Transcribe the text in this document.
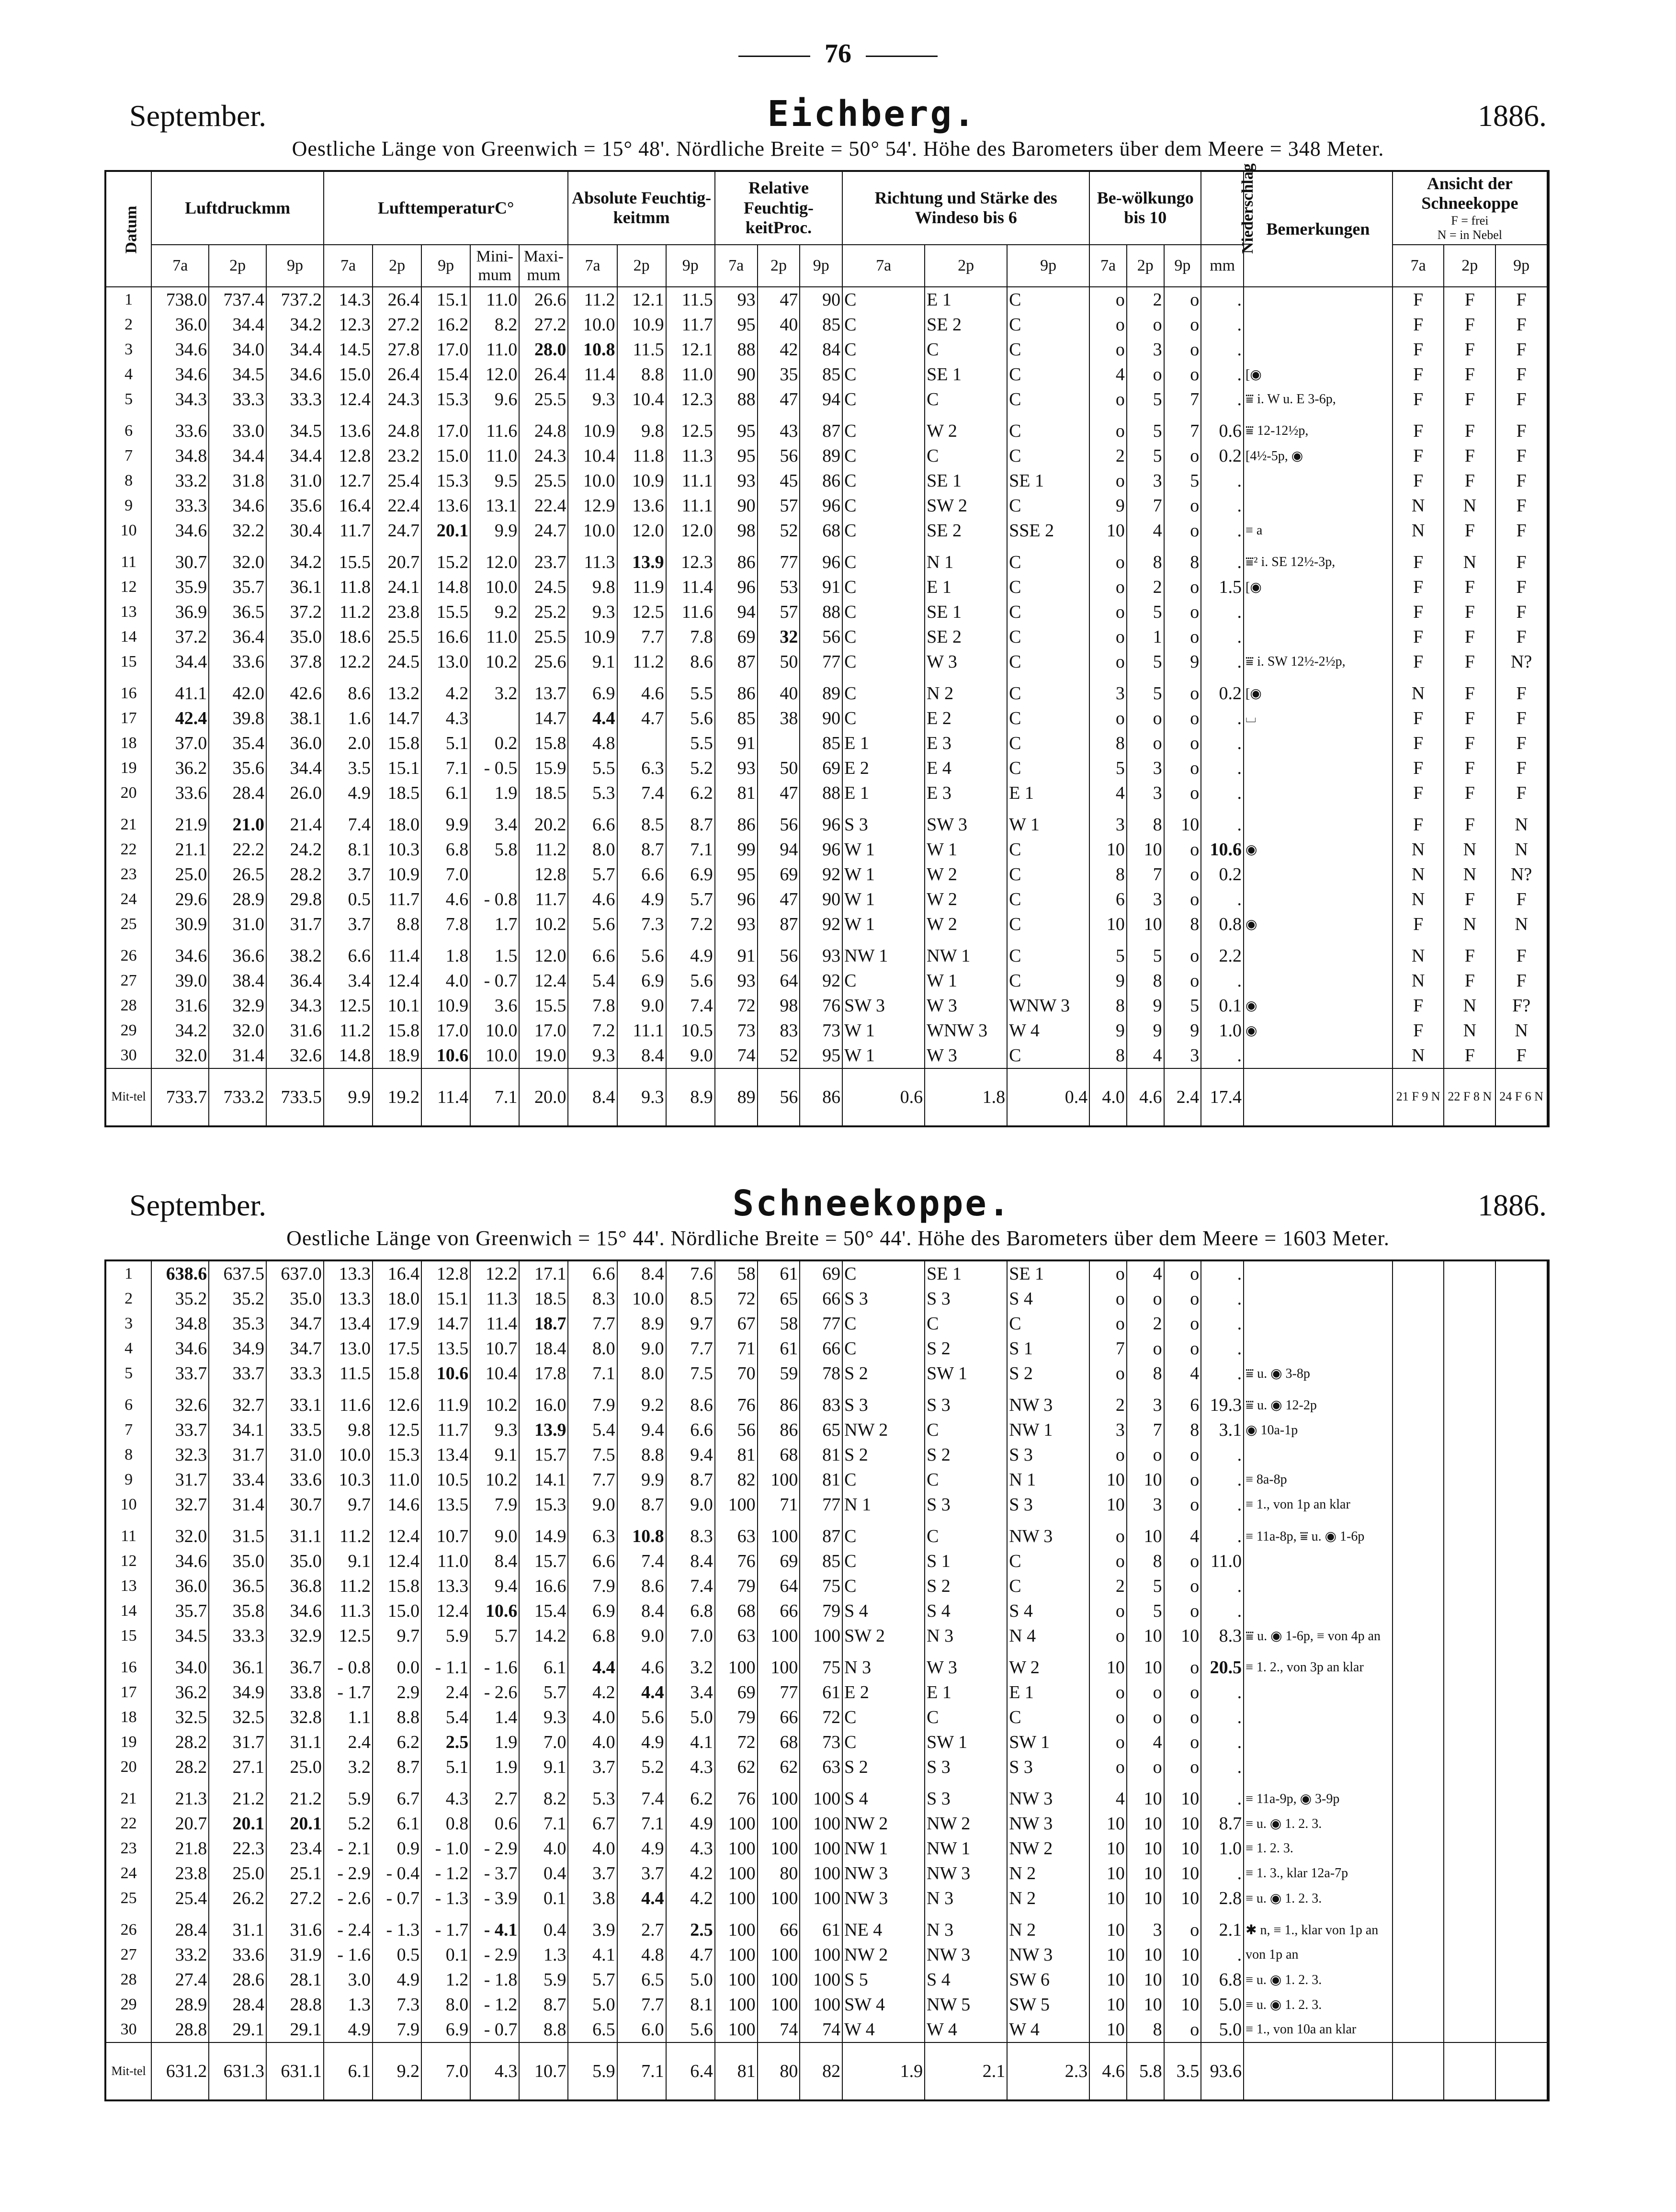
76
September.	Eichberg.	1886.
Oestliche Länge von Greenwich = 15° 48'. Nördliche Breite = 50° 54'. Höhe des Barometers über dem Meere = 348 Meter.
Datum	Luftdruckmm			LufttemperaturC°					Absolute Feuchtig-keitmm			Relative Feuchtig-keitProc.			Richtung und Stärke des Windeso bis 6			Be-wölkungo bis 10			Niederschlag	Bemerkungen	Ansicht der Schneekoppe
F = frei
N = in Nebel		

	7a	2p	9p	7a	2p	9p	Mini-mum	Maxi-mum	7a	2p	9p	7a	2p	9p	7a	2p	9p	7a	2p	9p	mm		7a	2p	9p
1	738.0	737.4	737.2	14.3	26.4	15.1	11.0	26.6	11.2	12.1	11.5	93	47	90	C	E 1	C	o	2	o	.		F	F	F
2	36.0	34.4	34.2	12.3	27.2	16.2	8.2	27.2	10.0	10.9	11.7	95	40	85	C	SE 2	C	o	o	o	.		F	F	F
3	34.6	34.0	34.4	14.5	27.8	17.0	11.0	28.0	10.8	11.5	12.1	88	42	84	C	C	C	o	3	o	.		F	F	F
4	34.6	34.5	34.6	15.0	26.4	15.4	12.0	26.4	11.4	8.8	11.0	90	35	85	C	SE 1	C	4	o	o	.	[◉	F	F	F
5	34.3	33.3	33.3	12.4	24.3	15.3	9.6	25.5	9.3	10.4	12.3	88	47	94	C	C	C	o	5	7	.	⩸ i. W u. E 3-6p,	F	F	F

6	33.6	33.0	34.5	13.6	24.8	17.0	11.6	24.8	10.9	9.8	12.5	95	43	87	C	W 2	C	o	5	7	0.6	⩸ 12-12½p,	F	F	F
7	34.8	34.4	34.4	12.8	23.2	15.0	11.0	24.3	10.4	11.8	11.3	95	56	89	C	C	C	2	5	o	0.2	[4½-5p, ◉	F	F	F
8	33.2	31.8	31.0	12.7	25.4	15.3	9.5	25.5	10.0	10.9	11.1	93	45	86	C	SE 1	SE 1	o	3	5	.		F	F	F
9	33.3	34.6	35.6	16.4	22.4	13.6	13.1	22.4	12.9	13.6	11.1	90	57	96	C	SW 2	C	9	7	o	.		N	N	F
10	34.6	32.2	30.4	11.7	24.7	20.1	9.9	24.7	10.0	12.0	12.0	98	52	68	C	SE 2	SSE 2	10	4	o	.	≡ a	N	F	F

11	30.7	32.0	34.2	15.5	20.7	15.2	12.0	23.7	11.3	13.9	12.3	86	77	96	C	N 1	C	o	8	8	.	⩸² i. SE 12½-3p,	F	N	F
12	35.9	35.7	36.1	11.8	24.1	14.8	10.0	24.5	9.8	11.9	11.4	96	53	91	C	E 1	C	o	2	o	1.5	[◉	F	F	F
13	36.9	36.5	37.2	11.2	23.8	15.5	9.2	25.2	9.3	12.5	11.6	94	57	88	C	SE 1	C	o	5	o	.		F	F	F
14	37.2	36.4	35.0	18.6	25.5	16.6	11.0	25.5	10.9	7.7	7.8	69	32	56	C	SE 2	C	o	1	o	.		F	F	F
15	34.4	33.6	37.8	12.2	24.5	13.0	10.2	25.6	9.1	11.2	8.6	87	50	77	C	W 3	C	o	5	9	.	⩸ i. SW 12½-2½p,	F	F	N?

16	41.1	42.0	42.6	8.6	13.2	4.2	3.2	13.7	6.9	4.6	5.5	86	40	89	C	N 2	C	3	5	o	0.2	[◉	N	F	F
17	42.4	39.8	38.1	1.6	14.7	4.3		14.7	4.4	4.7	5.6	85	38	90	C	E 2	C	o	o	o	.	⌴	F	F	F
18	37.0	35.4	36.0	2.0	15.8	5.1	0.2	15.8	4.8		5.5	91		85	E 1	E 3	C	8	o	o	.		F	F	F
19	36.2	35.6	34.4	3.5	15.1	7.1	- 0.5	15.9	5.5	6.3	5.2	93	50	69	E 2	E 4	C	5	3	o	.		F	F	F
20	33.6	28.4	26.0	4.9	18.5	6.1	1.9	18.5	5.3	7.4	6.2	81	47	88	E 1	E 3	E 1	4	3	o	.		F	F	F

21	21.9	21.0	21.4	7.4	18.0	9.9	3.4	20.2	6.6	8.5	8.7	86	56	96	S 3	SW 3	W 1	3	8	10	.		F	F	N
22	21.1	22.2	24.2	8.1	10.3	6.8	5.8	11.2	8.0	8.7	7.1	99	94	96	W 1	W 1	C	10	10	o	10.6	◉	N	N	N
23	25.0	26.5	28.2	3.7	10.9	7.0		12.8	5.7	6.6	6.9	95	69	92	W 1	W 2	C	8	7	o	0.2		N	N	N?
24	29.6	28.9	29.8	0.5	11.7	4.6	- 0.8	11.7	4.6	4.9	5.7	96	47	90	W 1	W 2	C	6	3	o	.		N	F	F
25	30.9	31.0	31.7	3.7	8.8	7.8	1.7	10.2	5.6	7.3	7.2	93	87	92	W 1	W 2	C	10	10	8	0.8	◉	F	N	N

26	34.6	36.6	38.2	6.6	11.4	1.8	1.5	12.0	6.6	5.6	4.9	91	56	93	NW 1	NW 1	C	5	5	o	2.2		N	F	F
27	39.0	38.4	36.4	3.4	12.4	4.0	- 0.7	12.4	5.4	6.9	5.6	93	64	92	C	W 1	C	9	8	o	.		N	F	F
28	31.6	32.9	34.3	12.5	10.1	10.9	3.6	15.5	7.8	9.0	7.4	72	98	76	SW 3	W 3	WNW 3	8	9	5	0.1	◉	F	N	F?
29	34.2	32.0	31.6	11.2	15.8	17.0	10.0	17.0	7.2	11.1	10.5	73	83	73	W 1	WNW 3	W 4	9	9	9	1.0	◉	F	N	N
30	32.0	31.4	32.6	14.8	18.9	10.6	10.0	19.0	9.3	8.4	9.0	74	52	95	W 1	W 3	C	8	4	3	.		N	F	F
Mit-tel	733.7	733.2	733.5	9.9	19.2	11.4	7.1	20.0	8.4	9.3	8.9	89	56	86	0.6	1.8	0.4	4.0	4.6	2.4	17.4		21 F 9 N	22 F 8 N	24 F 6 N
September.	Schneekoppe.	1886.
Oestliche Länge von Greenwich = 15° 44'. Nördliche Breite = 50° 44'. Höhe des Barometers über dem Meere = 1603 Meter.
1	638.6	637.5	637.0	13.3	16.4	12.8	12.2	17.1	6.6	8.4	7.6	58	61	69	C	SE 1	SE 1	o	4	o	.				
2	35.2	35.2	35.0	13.3	18.0	15.1	11.3	18.5	8.3	10.0	8.5	72	65	66	S 3	S 3	S 4	o	o	o	.				
3	34.8	35.3	34.7	13.4	17.9	14.7	11.4	18.7	7.7	8.9	9.7	67	58	77	C	C	C	o	2	o	.				
4	34.6	34.9	34.7	13.0	17.5	13.5	10.7	18.4	8.0	9.0	7.7	71	61	66	C	S 2	S 1	7	o	o	.				
5	33.7	33.7	33.3	11.5	15.8	10.6	10.4	17.8	7.1	8.0	7.5	70	59	78	S 2	SW 1	S 2	o	8	4	.	⩸ u. ◉ 3-8p			

6	32.6	32.7	33.1	11.6	12.6	11.9	10.2	16.0	7.9	9.2	8.6	76	86	83	S 3	S 3	NW 3	2	3	6	19.3	⩸ u. ◉ 12-2p			
7	33.7	34.1	33.5	9.8	12.5	11.7	9.3	13.9	5.4	9.4	6.6	56	86	65	NW 2	C	NW 1	3	7	8	3.1	◉ 10a-1p			
8	32.3	31.7	31.0	10.0	15.3	13.4	9.1	15.7	7.5	8.8	9.4	81	68	81	S 2	S 2	S 3	o	o	o	.				
9	31.7	33.4	33.6	10.3	11.0	10.5	10.2	14.1	7.7	9.9	8.7	82	100	81	C	C	N 1	10	10	o	.	≡ 8a-8p			
10	32.7	31.4	30.7	9.7	14.6	13.5	7.9	15.3	9.0	8.7	9.0	100	71	77	N 1	S 3	S 3	10	3	o	.	≡ 1., von 1p an klar			

11	32.0	31.5	31.1	11.2	12.4	10.7	9.0	14.9	6.3	10.8	8.3	63	100	87	C	C	NW 3	o	10	4	.	≡ 11a-8p, ⩸ u. ◉ 1-6p			
12	34.6	35.0	35.0	9.1	12.4	11.0	8.4	15.7	6.6	7.4	8.4	76	69	85	C	S 1	C	o	8	o	11.0				
13	36.0	36.5	36.8	11.2	15.8	13.3	9.4	16.6	7.9	8.6	7.4	79	64	75	C	S 2	C	2	5	o	.				
14	35.7	35.8	34.6	11.3	15.0	12.4	10.6	15.4	6.9	8.4	6.8	68	66	79	S 4	S 4	S 4	o	5	o	.				
15	34.5	33.3	32.9	12.5	9.7	5.9	5.7	14.2	6.8	9.0	7.0	63	100	100	SW 2	N 3	N 4	o	10	10	8.3	⩸ u. ◉ 1-6p, ≡ von 4p an			

16	34.0	36.1	36.7	- 0.8	0.0	- 1.1	- 1.6	6.1	4.4	4.6	3.2	100	100	75	N 3	W 3	W 2	10	10	o	20.5	≡ 1. 2., von 3p an klar			
17	36.2	34.9	33.8	- 1.7	2.9	2.4	- 2.6	5.7	4.2	4.4	3.4	69	77	61	E 2	E 1	E 1	o	o	o	.				
18	32.5	32.5	32.8	1.1	8.8	5.4	1.4	9.3	4.0	5.6	5.0	79	66	72	C	C	C	o	o	o	.				
19	28.2	31.7	31.1	2.4	6.2	2.5	1.9	7.0	4.0	4.9	4.1	72	68	73	C	SW 1	SW 1	o	4	o	.				
20	28.2	27.1	25.0	3.2	8.7	5.1	1.9	9.1	3.7	5.2	4.3	62	62	63	S 2	S 3	S 3	o	o	o	.				

21	21.3	21.2	21.2	5.9	6.7	4.3	2.7	8.2	5.3	7.4	6.2	76	100	100	S 4	S 3	NW 3	4	10	10	.	≡ 11a-9p, ◉ 3-9p			
22	20.7	20.1	20.1	5.2	6.1	0.8	0.6	7.1	6.7	7.1	4.9	100	100	100	NW 2	NW 2	NW 3	10	10	10	8.7	≡ u. ◉ 1. 2. 3.			
23	21.8	22.3	23.4	- 2.1	0.9	- 1.0	- 2.9	4.0	4.0	4.9	4.3	100	100	100	NW 1	NW 1	NW 2	10	10	10	1.0	≡ 1. 2. 3.			
24	23.8	25.0	25.1	- 2.9	- 0.4	- 1.2	- 3.7	0.4	3.7	3.7	4.2	100	80	100	NW 3	NW 3	N 2	10	10	10	.	≡ 1. 3., klar 12a-7p			
25	25.4	26.2	27.2	- 2.6	- 0.7	- 1.3	- 3.9	0.1	3.8	4.4	4.2	100	100	100	NW 3	N 3	N 2	10	10	10	2.8	≡ u. ◉ 1. 2. 3.			

26	28.4	31.1	31.6	- 2.4	- 1.3	- 1.7	- 4.1	0.4	3.9	2.7	2.5	100	66	61	NE 4	N 3	N 2	10	3	o	2.1	✱ n, ≡ 1., klar von 1p an			
27	33.2	33.6	31.9	- 1.6	0.5	0.1	- 2.9	1.3	4.1	4.8	4.7	100	100	100	NW 2	NW 3	NW 3	10	10	10	.	von 1p an			
28	27.4	28.6	28.1	3.0	4.9	1.2	- 1.8	5.9	5.7	6.5	5.0	100	100	100	S 5	S 4	SW 6	10	10	10	6.8	≡ u. ◉ 1. 2. 3.			
29	28.9	28.4	28.8	1.3	7.3	8.0	- 1.2	8.7	5.0	7.7	8.1	100	100	100	SW 4	NW 5	SW 5	10	10	10	5.0	≡ u. ◉ 1. 2. 3.			
30	28.8	29.1	29.1	4.9	7.9	6.9	- 0.7	8.8	6.5	6.0	5.6	100	74	74	W 4	W 4	W 4	10	8	o	5.0	≡ 1., von 10a an klar			
Mit-tel	631.2	631.3	631.1	6.1	9.2	7.0	4.3	10.7	5.9	7.1	6.4	81	80	82	1.9	2.1	2.3	4.6	5.8	3.5	93.6				
